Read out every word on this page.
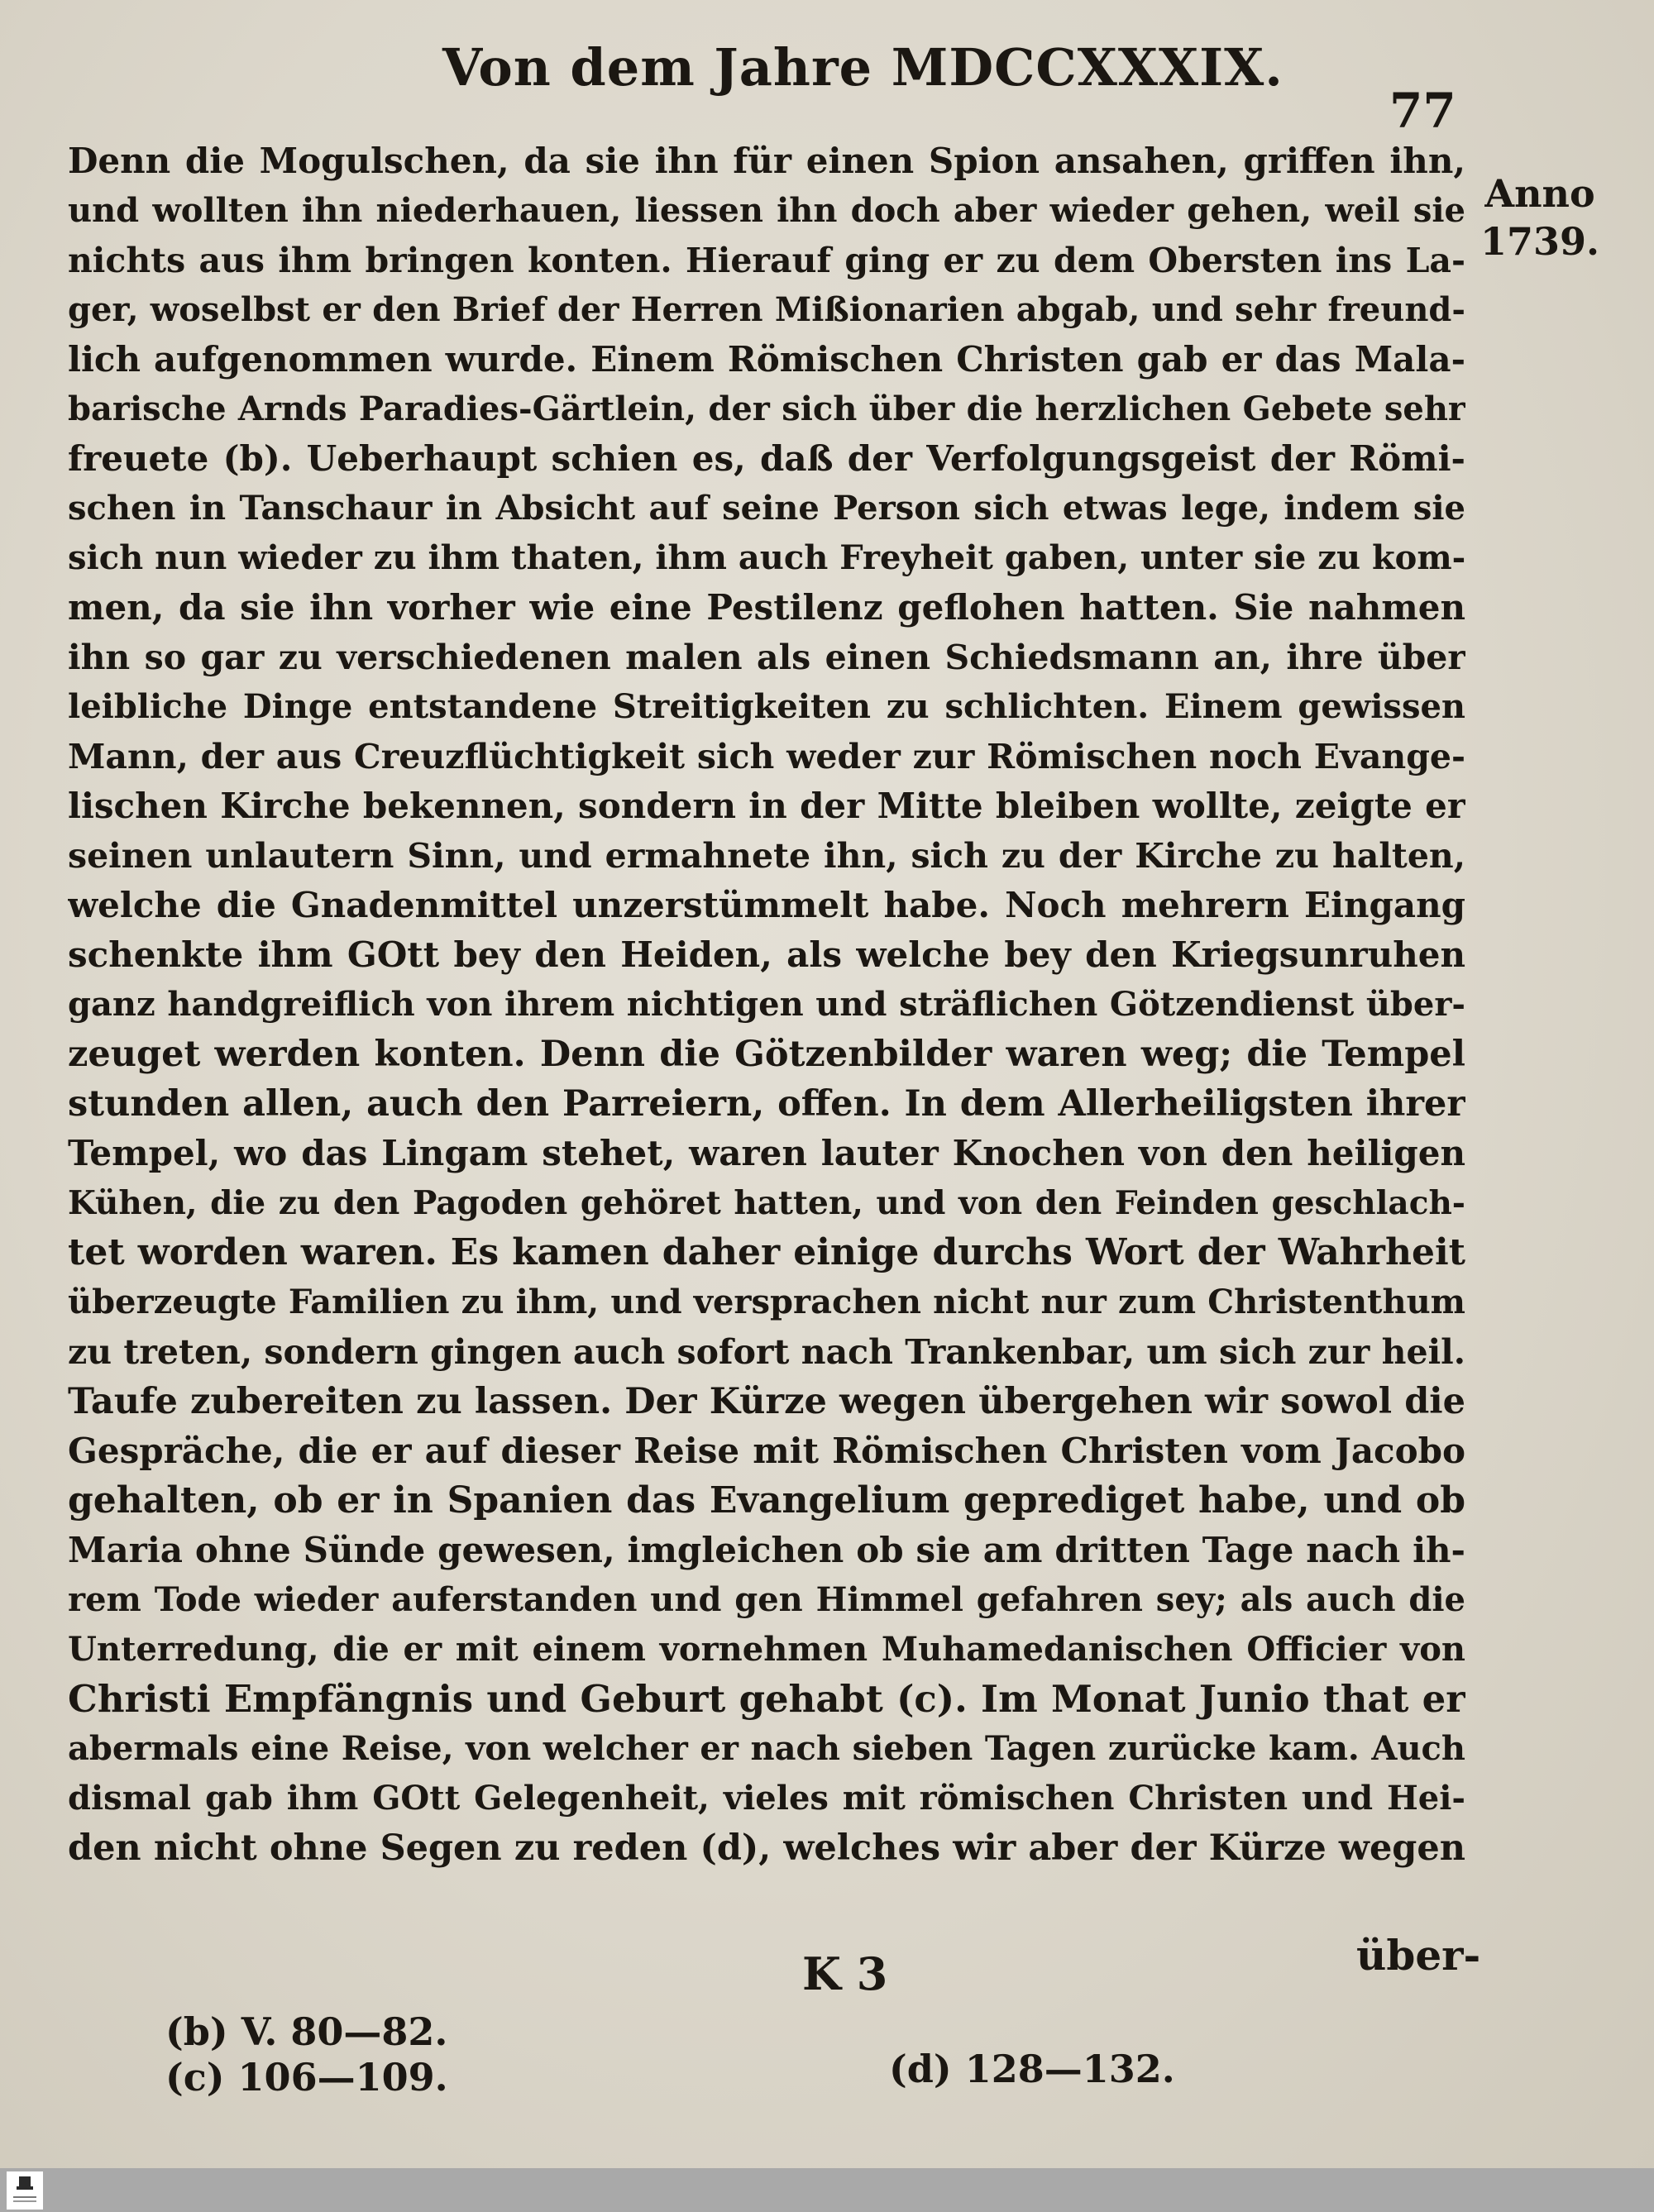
Von dem Jahre MDCCXXXIX.
77
Anno
1739.
Denn die Mogulschen, da sie ihn für einen Spion ansahen, griffen ihn,
und wollten ihn niederhauen, liessen ihn doch aber wieder gehen, weil sie
nichts aus ihm bringen konten. Hierauf ging er zu dem Obersten ins La-
ger, woselbst er den Brief der Herren Mißionarien abgab, und sehr freund-
lich aufgenommen wurde. Einem Römischen Christen gab er das Mala-
barische Arnds Paradies-Gärtlein, der sich über die herzlichen Gebete sehr
freuete (b). Ueberhaupt schien es, daß der Verfolgungsgeist der Römi-
schen in Tanschaur in Absicht auf seine Person sich etwas lege, indem sie
sich nun wieder zu ihm thaten, ihm auch Freyheit gaben, unter sie zu kom-
men, da sie ihn vorher wie eine Pestilenz geflohen hatten. Sie nahmen
ihn so gar zu verschiedenen malen als einen Schiedsmann an, ihre über
leibliche Dinge entstandene Streitigkeiten zu schlichten. Einem gewissen
Mann, der aus Creuzflüchtigkeit sich weder zur Römischen noch Evange-
lischen Kirche bekennen, sondern in der Mitte bleiben wollte, zeigte er
seinen unlautern Sinn, und ermahnete ihn, sich zu der Kirche zu halten,
welche die Gnadenmittel unzerstümmelt habe. Noch mehrern Eingang
schenkte ihm GOtt bey den Heiden, als welche bey den Kriegsunruhen
ganz handgreiflich von ihrem nichtigen und sträflichen Götzendienst über-
zeuget werden konten. Denn die Götzenbilder waren weg; die Tempel
stunden allen, auch den Parreiern, offen. In dem Allerheiligsten ihrer
Tempel, wo das Lingam stehet, waren lauter Knochen von den heiligen
Kühen, die zu den Pagoden gehöret hatten, und von den Feinden geschlach-
tet worden waren. Es kamen daher einige durchs Wort der Wahrheit
überzeugte Familien zu ihm, und versprachen nicht nur zum Christenthum
zu treten, sondern gingen auch sofort nach Trankenbar, um sich zur heil.
Taufe zubereiten zu lassen. Der Kürze wegen übergehen wir sowol die
Gespräche, die er auf dieser Reise mit Römischen Christen vom Jacobo
gehalten, ob er in Spanien das Evangelium geprediget habe, und ob
Maria ohne Sünde gewesen, imgleichen ob sie am dritten Tage nach ih-
rem Tode wieder auferstanden und gen Himmel gefahren sey; als auch die
Unterredung, die er mit einem vornehmen Muhamedanischen Officier von
Christi Empfängnis und Geburt gehabt (c). Im Monat Junio that er
abermals eine Reise, von welcher er nach sieben Tagen zurücke kam. Auch
dismal gab ihm GOtt Gelegenheit, vieles mit römischen Christen und Hei-
den nicht ohne Segen zu reden (d), welches wir aber der Kürze wegen
über-
K 3
(b) V. 80—82.
(c) 106—109.	(d) 128—132.
